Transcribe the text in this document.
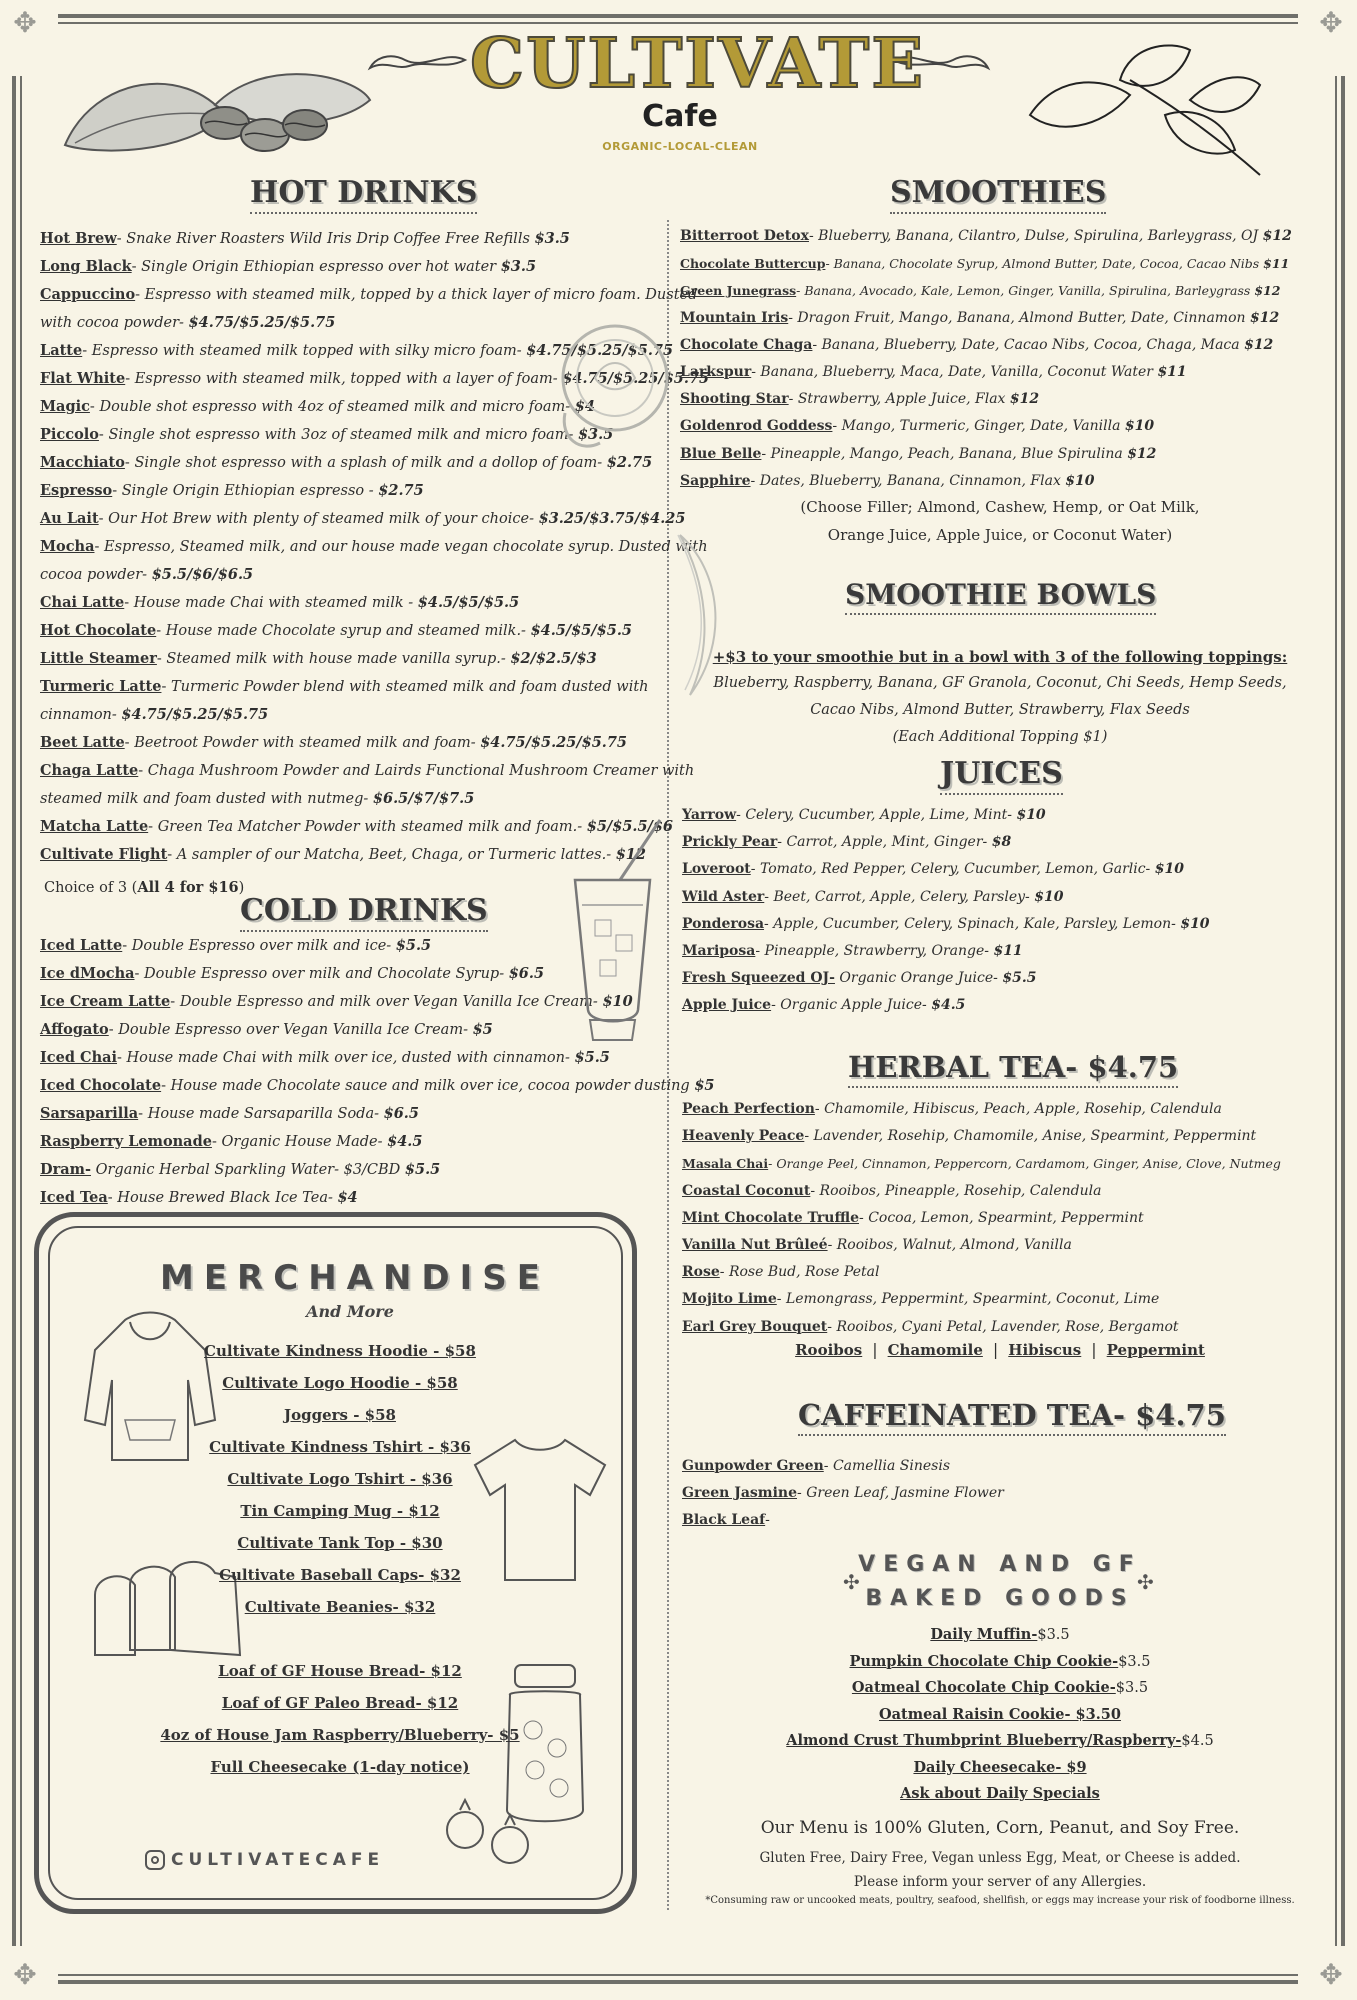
✥	✥
✥	✥
CULTIVATE
Cafe
ORGANIC-LOCAL-CLEAN
HOT DRINKS
Hot Brew- Snake River Roasters Wild Iris Drip Coffee Free Refills $3.5
Long Black- Single Origin Ethiopian espresso over hot water $3.5
Cappuccino- Espresso with steamed milk, topped by a thick layer of micro foam. Dusted
with cocoa powder- $4.75/$5.25/$5.75
Latte- Espresso with steamed milk topped with silky micro foam- $4.75/$5.25/$5.75
Flat White- Espresso with steamed milk, topped with a layer of foam- $4.75/$5.25/$5.75
Magic- Double shot espresso with 4oz of steamed milk and micro foam- $4
Piccolo- Single shot espresso with 3oz of steamed milk and micro foam- $3.5
Macchiato- Single shot espresso with a splash of milk and a dollop of foam- $2.75
Espresso- Single Origin Ethiopian espresso - $2.75
Au Lait- Our Hot Brew with plenty of steamed milk of your choice- $3.25/$3.75/$4.25
Mocha- Espresso, Steamed milk, and our house made vegan chocolate syrup. Dusted with
cocoa powder- $5.5/$6/$6.5
Chai Latte- House made Chai with steamed milk - $4.5/$5/$5.5
Hot Chocolate- House made Chocolate syrup and steamed milk.- $4.5/$5/$5.5
Little Steamer- Steamed milk with house made vanilla syrup.- $2/$2.5/$3
Turmeric Latte- Turmeric Powder blend with steamed milk and foam dusted with
cinnamon- $4.75/$5.25/$5.75
Beet Latte- Beetroot Powder with steamed milk and foam- $4.75/$5.25/$5.75
Chaga Latte- Chaga Mushroom Powder and Lairds Functional Mushroom Creamer with
steamed milk and foam dusted with nutmeg- $6.5/$7/$7.5
Matcha Latte- Green Tea Matcher Powder with steamed milk and foam.- $5/$5.5/$6
Cultivate Flight- A sampler of our Matcha, Beet, Chaga, or Turmeric lattes.- $12
Choice of 3 (All 4 for $16)
COLD DRINKS
Iced Latte- Double Espresso over milk and ice- $5.5
Ice dMocha- Double Espresso over milk and Chocolate Syrup- $6.5
Ice Cream Latte- Double Espresso and milk over Vegan Vanilla Ice Cream- $10
Affogato- Double Espresso over Vegan Vanilla Ice Cream- $5
Iced Chai- House made Chai with milk over ice, dusted with cinnamon- $5.5
Iced Chocolate- House made Chocolate sauce and milk over ice, cocoa powder dusting $5
Sarsaparilla- House made Sarsaparilla Soda- $6.5
Raspberry Lemonade- Organic House Made- $4.5
Dram- Organic Herbal Sparkling Water- $3/CBD $5.5
Iced Tea- House Brewed Black Ice Tea- $4
MERCHANDISE
And More
CULTIVATECAFE
SMOOTHIES
Bitterroot Detox- Blueberry, Banana, Cilantro, Dulse, Spirulina, Barleygrass, OJ $12
Chocolate Buttercup- Banana, Chocolate Syrup, Almond Butter, Date, Cocoa, Cacao Nibs $11
Green Junegrass- Banana, Avocado, Kale, Lemon, Ginger, Vanilla, Spirulina, Barleygrass $12
Mountain Iris- Dragon Fruit, Mango, Banana, Almond Butter, Date, Cinnamon $12
Chocolate Chaga- Banana, Blueberry, Date, Cacao Nibs, Cocoa, Chaga, Maca $12
Larkspur- Banana, Blueberry, Maca, Date, Vanilla, Coconut Water $11
Shooting Star- Strawberry, Apple Juice, Flax $12
Goldenrod Goddess- Mango, Turmeric, Ginger, Date, Vanilla $10
Blue Belle- Pineapple, Mango, Peach, Banana, Blue Spirulina $12
Sapphire- Dates, Blueberry, Banana, Cinnamon, Flax $10
(Choose Filler; Almond, Cashew, Hemp, or Oat Milk,
Orange Juice, Apple Juice, or Coconut Water)
SMOOTHIE BOWLS
+$3 to your smoothie but in a bowl with 3 of the following toppings:
Blueberry, Raspberry, Banana, GF Granola, Coconut, Chi Seeds, Hemp Seeds,
Cacao Nibs, Almond Butter, Strawberry, Flax Seeds
(Each Additional Topping $1)
JUICES
Yarrow- Celery, Cucumber, Apple, Lime, Mint- $10
Prickly Pear- Carrot, Apple, Mint, Ginger- $8
Loveroot- Tomato, Red Pepper, Celery, Cucumber, Lemon, Garlic- $10
Wild Aster- Beet, Carrot, Apple, Celery, Parsley- $10
Ponderosa- Apple, Cucumber, Celery, Spinach, Kale, Parsley, Lemon- $10
Mariposa- Pineapple, Strawberry, Orange- $11
Fresh Squeezed OJ- Organic Orange Juice- $5.5
Apple Juice- Organic Apple Juice- $4.5
HERBAL TEA- $4.75
Peach Perfection- Chamomile, Hibiscus, Peach, Apple, Rosehip, Calendula
Heavenly Peace- Lavender, Rosehip, Chamomile, Anise, Spearmint, Peppermint
Masala Chai- Orange Peel, Cinnamon, Peppercorn, Cardamom, Ginger, Anise, Clove, Nutmeg
Coastal Coconut- Rooibos, Pineapple, Rosehip, Calendula
Mint Chocolate Truffle- Cocoa, Lemon, Spearmint, Peppermint
Vanilla Nut Brûleé- Rooibos, Walnut, Almond, Vanilla
Rose- Rose Bud, Rose Petal
Mojito Lime- Lemongrass, Peppermint, Spearmint, Coconut, Lime
Earl Grey Bouquet- Rooibos, Cyani Petal, Lavender, Rose, Bergamot
Rooibos | Chamomile | Hibiscus | Peppermint
CAFFEINATED TEA- $4.75
Gunpowder Green- Camellia Sinesis
Green Jasmine- Green Leaf, Jasmine Flower
Black Leaf-
VEGAN AND GF
BAKED GOODS
✣	✣
Daily Muffin-$3.5
Pumpkin Chocolate Chip Cookie-$3.5
Oatmeal Chocolate Chip Cookie-$3.5
Oatmeal Raisin Cookie- $3.50
Almond Crust Thumbprint Blueberry/Raspberry-$4.5
Daily Cheesecake- $9
Ask about Daily Specials
Our Menu is 100% Gluten, Corn, Peanut, and Soy Free.
Gluten Free, Dairy Free, Vegan unless Egg, Meat, or Cheese is added.
Please inform your server of any Allergies.
*Consuming raw or uncooked meats, poultry, seafood, shellfish, or eggs may increase your risk of foodborne illness.
Cultivate Kindness Hoodie - $58
Cultivate Logo Hoodie - $58
Joggers - $58
Cultivate Kindness Tshirt - $36
Cultivate Logo Tshirt - $36
Tin Camping Mug - $12
Cultivate Tank Top - $30
Cultivate Baseball Caps- $32
Cultivate Beanies- $32
Loaf of GF House Bread- $12
Loaf of GF Paleo Bread- $12
4oz of House Jam Raspberry/Blueberry- $5
Full Cheesecake (1-day notice)
